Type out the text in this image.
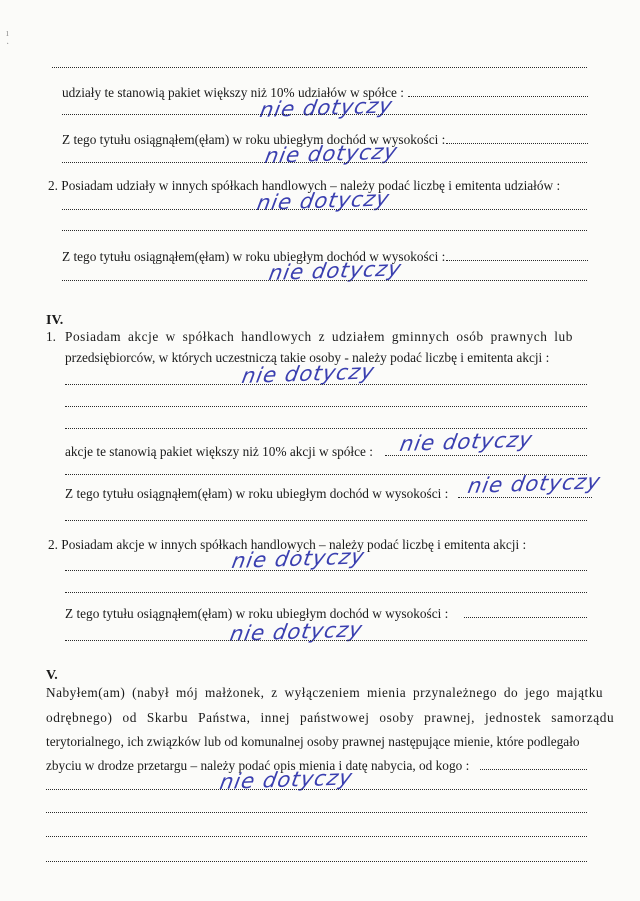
ı
·
udziały te stanowią pakiet większy niż 10% udziałów w spółce :
nie dotyczy
Z tego tytułu osiągnąłem(ęłam) w roku ubiegłym dochód w wysokości :
nie dotyczy
2. Posiadam udziały w innych spółkach handlowych – należy podać liczbę i emitenta udziałów :
nie dotyczy
Z tego tytułu osiągnąłem(ęłam) w roku ubiegłym dochód w wysokości :
nie dotyczy
IV.
1. Posiadam akcje w spółkach handlowych z udziałem gminnych osób prawnych lub
przedsiębiorców, w których uczestniczą takie osoby - należy podać liczbę i emitenta akcji :
nie dotyczy
akcje te stanowią pakiet większy niż 10% akcji w spółce : nie dotyczy
Z tego tytułu osiągnąłem(ęłam) w roku ubiegłym dochód w wysokości : nie dotyczy
2. Posiadam akcje w innych spółkach handlowych – należy podać liczbę i emitenta akcji :
nie dotyczy
Z tego tytułu osiągnąłem(ęłam) w roku ubiegłym dochód w wysokości :
nie dotyczy
V.
Nabyłem(am) (nabył mój małżonek, z wyłączeniem mienia przynależnego do jego majątku
odrębnego) od Skarbu Państwa, innej państwowej osoby prawnej, jednostek samorządu
terytorialnego, ich związków lub od komunalnej osoby prawnej następujące mienie, które podlegało
zbyciu w drodze przetargu – należy podać opis mienia i datę nabycia, od kogo :
nie dotyczy
